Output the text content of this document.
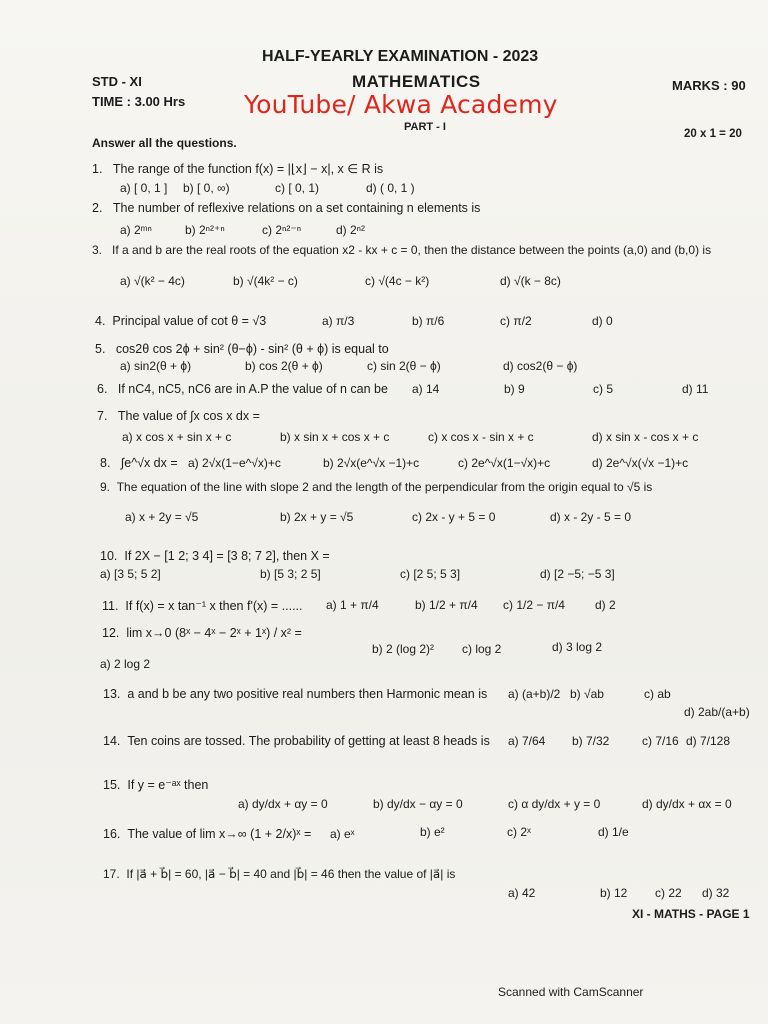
HALF-YEARLY EXAMINATION - 2023
MATHEMATICS
STD - XI
TIME : 3.00 Hrs
MARKS : 90
YouTube/ Akwa Academy
PART - I
20 x 1 = 20
Answer all the questions.
1. The range of the function f(x) = |⌊x⌋ − x|, x ∈ R is
a) [ 0, 1 ] b) [ 0, ∞)	c) [ 0, 1)	d) ( 0, 1 )
2. The number of reflexive relations on a set containing n elements is
a) 2ᵐⁿ	b) 2ⁿ²⁺ⁿ	c) 2ⁿ²⁻ⁿ	d) 2ⁿ²
3. If a and b are the real roots of the equation x2 - kx + c = 0, then the distance between the points (a,0) and (b,0) is
a) √(k² − 4c)	b) √(4k² − c)	c) √(4c − k²)	d) √(k − 8c)
4. Principal value of cot θ = √3	a) π/3	b) π/6	c) π/2	d) 0
5. cos2θ cos 2ϕ + sin² (θ−ϕ) - sin² (θ + ϕ) is equal to
a) sin2(θ + ϕ)	b) cos 2(θ + ϕ)	c) sin 2(θ − ϕ)	d) cos2(θ − ϕ)
6. If nC4, nC5, nC6 are in A.P the value of n can be a) 14	b) 9	c) 5	d) 11
7. The value of ∫x cos x dx =
a) x cos x + sin x + c	b) x sin x + cos x + c	c) x cos x - sin x + c	d) x sin x - cos x + c
8. ∫e^√x dx = a) 2√x(1−e^√x)+c	b) 2√x(e^√x −1)+c	c) 2e^√x(1−√x)+c	d) 2e^√x(√x −1)+c
9. The equation of the line with slope 2 and the length of the perpendicular from the origin equal to √5 is
a) x + 2y = √5	b) 2x + y = √5	c) 2x - y + 5 = 0	d) x - 2y - 5 = 0
10. If 2X − [1 2; 3 4] = [3 8; 7 2], then X =
a) [3 5; 5 2]	b) [5 3; 2 5]	c) [2 5; 5 3]	d) [2 −5; −5 3]
11. If f(x) = x tan⁻¹ x then f'(x) = ...... a) 1 + π/4	b) 1/2 + π/4 c) 1/2 − π/4	d) 2
12. lim x→0 (8ˣ − 4ˣ − 2ˣ + 1ˣ) / x² =
a) 2 log 2
b) 2 (log 2)² c) log 2	d) 3 log 2
13. a and b be any two positive real numbers then Harmonic mean is a) (a+b)/2 b) √ab	c) ab
d) 2ab/(a+b)
14. Ten coins are tossed. The probability of getting at least 8 heads is a) 7/64 b) 7/32	c) 7/16 d) 7/128
15. If y = e⁻ᵃˣ then
a) dy/dx + αy = 0	b) dy/dx − αy = 0	c) α dy/dx + y = 0	d) dy/dx + αx = 0
16. The value of lim x→∞ (1 + 2/x)ˣ = a) eˣ	b) e²	c) 2ˣ	d) 1/e
17. If |a⃗ + b⃗| = 60, |a⃗ − b⃗| = 40 and |b⃗| = 46 then the value of |a⃗| is
a) 42	b) 12 c) 22 d) 32
XI - MATHS - PAGE 1
Scanned with CamScanner
